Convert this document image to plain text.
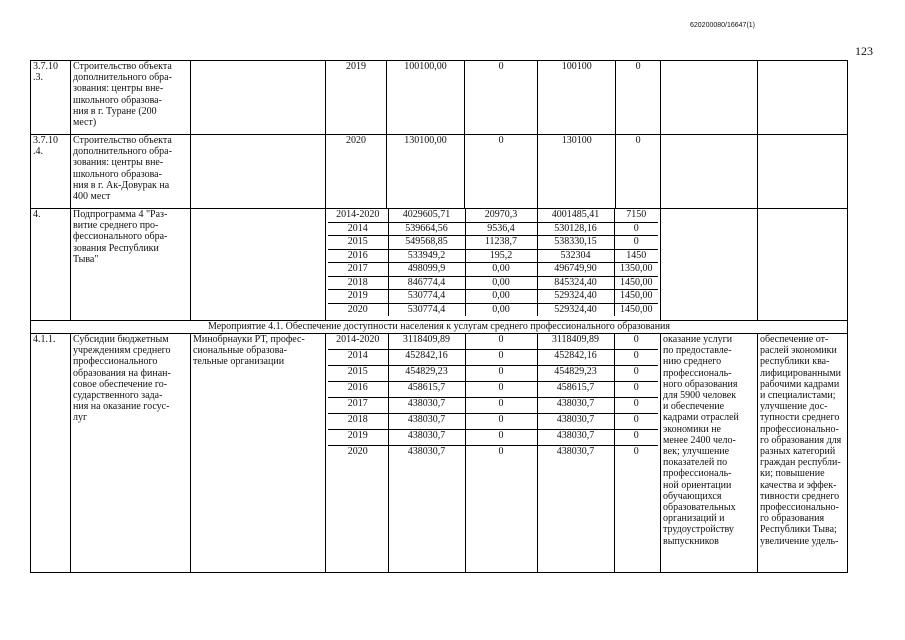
620200080/16647(1)
123
3.7.10
.3.	Строительство объекта
дополнительного обра-
зования: центры вне-
школьного образова-
ния в г. Туране (200
мест)		2019	100100,00	0	100100	0		
3.7.10
.4.	Строительство объекта
дополнительного обра-
зования: центры вне-
школьного образова-
ния в г. Ак-Довурак на
400 мест		2020	130100,00	0	130100	0		
4.	Подпрограмма 4 "Раз-
витие среднего про-
фессионального обра-
зования Республики
Тыва"		
2014-2020	4029605,71	20970,3	4001485,41	7150
2014	539664,56	9536,4	530128,16	0
2015	549568,85	11238,7	538330,15	0
2016	533949,2	195,2	532304	1450
2017	498099,9	0,00	496749,90	1350,00
2018	846774,4	0,00	845324,40	1450,00
2019	530774,4	0,00	529324,40	1450,00
2020	530774,4	0,00	529324,40	1450,00

Мероприятие 4.1. Обеспечение доступности населения к услугам среднего профессионального образования
4.1.1.	Субсидии бюджетным
учреждениям среднего
профессионального
образования на финан-
совое обеспечение го-
сударственного зада-
ния на оказание госус-
луг	Минобрнауки РТ, профес-
сиональные образова-
тельные организации	
2014-2020	3118409,89	0	3118409,89	0
2014	452842,16	0	452842,16	0
2015	454829,23	0	454829,23	0
2016	458615,7	0	458615,7	0
2017	438030,7	0	438030,7	0
2018	438030,7	0	438030,7	0
2019	438030,7	0	438030,7	0
2020	438030,7	0	438030,7	0
	оказание услуги
по предоставле-
нию среднего
профессиональ-
ного образования
для 5900 человек
и обеспечение
кадрами отраслей
экономики не
менее 2400 чело-
век; улучшение
показателей по
профессиональ-
ной ориентации
обучающихся
образовательных
организаций и
трудоустройству
выпускников	обеспечение от-
раслей экономики
республики ква-
лифицированными
рабочими кадрами
и специалистами;
улучшение дос-
тупности среднего
профессионально-
го образования для
разных категорий
граждан республи-
ки; повышение
качества и эффек-
тивности среднего
профессионально-
го образования
Республики Тыва;
увеличение удель-
